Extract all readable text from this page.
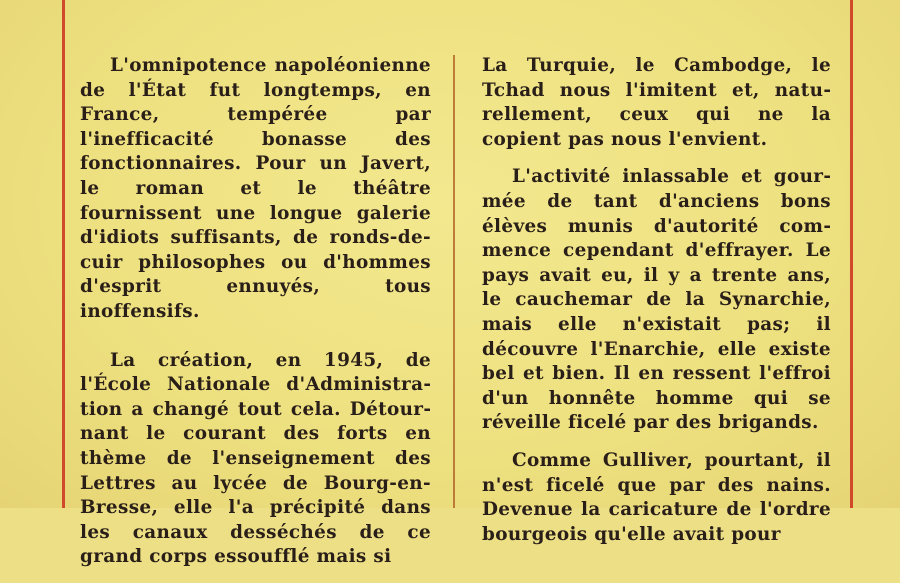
L'omnipotence napoléonienne de l'État fut longtemps, en France, tempérée par l'inefficacité bonasse des fonctionnaires. Pour un Javert, le roman et le théâtre fournissent une longue galerie d'idiots suffisants, de ronds-de-cuir philosophes ou d'hommes d'esprit ennuyés, tous inoffensifs.

La création, en 1945, de l'École Nationale d'Administration a changé tout cela. Détournant le courant des forts en thème de l'enseignement des Lettres au lycée de Bourg-en-Bresse, elle l'a précipité dans les canaux desséchés de ce grand corps essoufflé mais si

La Turquie, le Cambodge, le Tchad nous l'imitent et, naturellement, ceux qui ne la copient pas nous l'envient.

L'activité inlassable et gourmée de tant d'anciens bons élèves munis d'autorité commence cependant d'effrayer. Le pays avait eu, il y a trente ans, le cauchemar de la Synarchie, mais elle n'existait pas; il découvre l'Enarchie, elle existe bel et bien. Il en ressent l'effroi d'un honnête homme qui se réveille ficelé par des brigands.

Comme Gulliver, pourtant, il n'est ficelé que par des nains. Devenue la caricature de l'ordre bourgeois qu'elle avait pour
